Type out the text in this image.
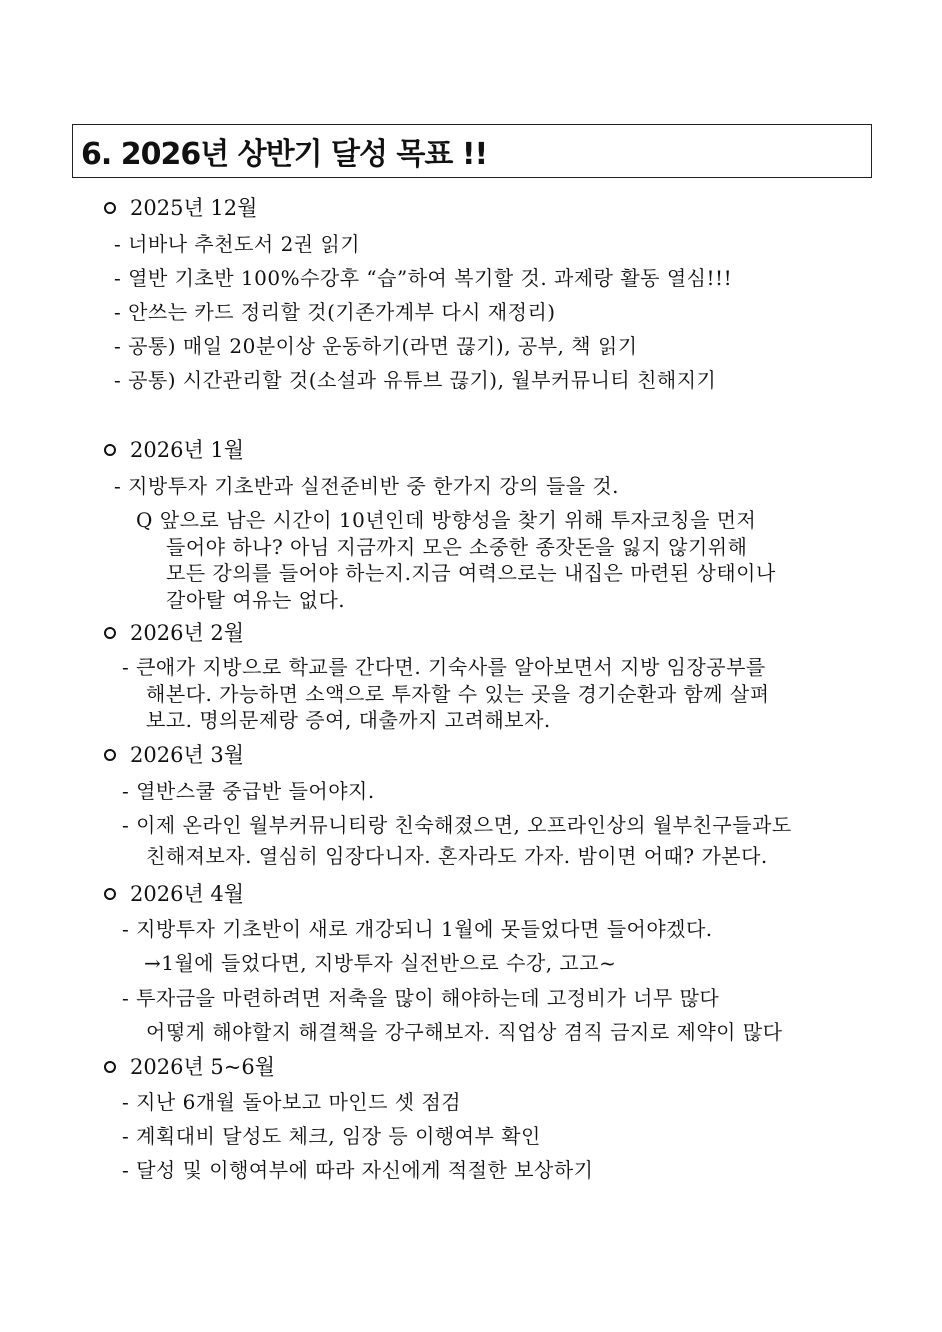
6. 2026년 상반기 달성 목표 !!
2025년 12월
- 너바나 추천도서 2권 읽기
- 열반 기초반 100%수강후 “습”하여 복기할 것. 과제랑 활동 열심!!!
- 안쓰는 카드 정리할 것(기존가계부 다시 재정리)
- 공통) 매일 20분이상 운동하기(라면 끊기), 공부, 책 읽기
- 공통) 시간관리할 것(소설과 유튜브 끊기), 월부커뮤니티 친해지기
2026년 1월
- 지방투자 기초반과 실전준비반 중 한가지 강의 들을 것.
Q 앞으로 남은 시간이 10년인데 방향성을 찾기 위해 투자코칭을 먼저
들어야 하나? 아님 지금까지 모은 소중한 종잣돈을 잃지 않기위해
모든 강의를 들어야 하는지.지금 여력으로는 내집은 마련된 상태이나
갈아탈 여유는 없다.
2026년 2월
- 큰애가 지방으로 학교를 간다면. 기숙사를 알아보면서 지방 임장공부를
해본다. 가능하면 소액으로 투자할 수 있는 곳을 경기순환과 함께 살펴
보고. 명의문제랑 증여, 대출까지 고려해보자.
2026년 3월
- 열반스쿨 중급반 들어야지.
- 이제 온라인 월부커뮤니티랑 친숙해졌으면, 오프라인상의 월부친구들과도
친해져보자. 열심히 임장다니자. 혼자라도 가자. 밤이면 어때? 가본다.
2026년 4월
- 지방투자 기초반이 새로 개강되니 1월에 못들었다면 들어야겠다.
→1월에 들었다면, 지방투자 실전반으로 수강, 고고~
- 투자금을 마련하려면 저축을 많이 해야하는데 고정비가 너무 많다
어떻게 해야할지 해결책을 강구해보자. 직업상 겸직 금지로 제약이 많다
2026년 5~6월
- 지난 6개월 돌아보고 마인드 셋 점검
- 계획대비 달성도 체크, 임장 등 이행여부 확인
- 달성 및 이행여부에 따라 자신에게 적절한 보상하기
